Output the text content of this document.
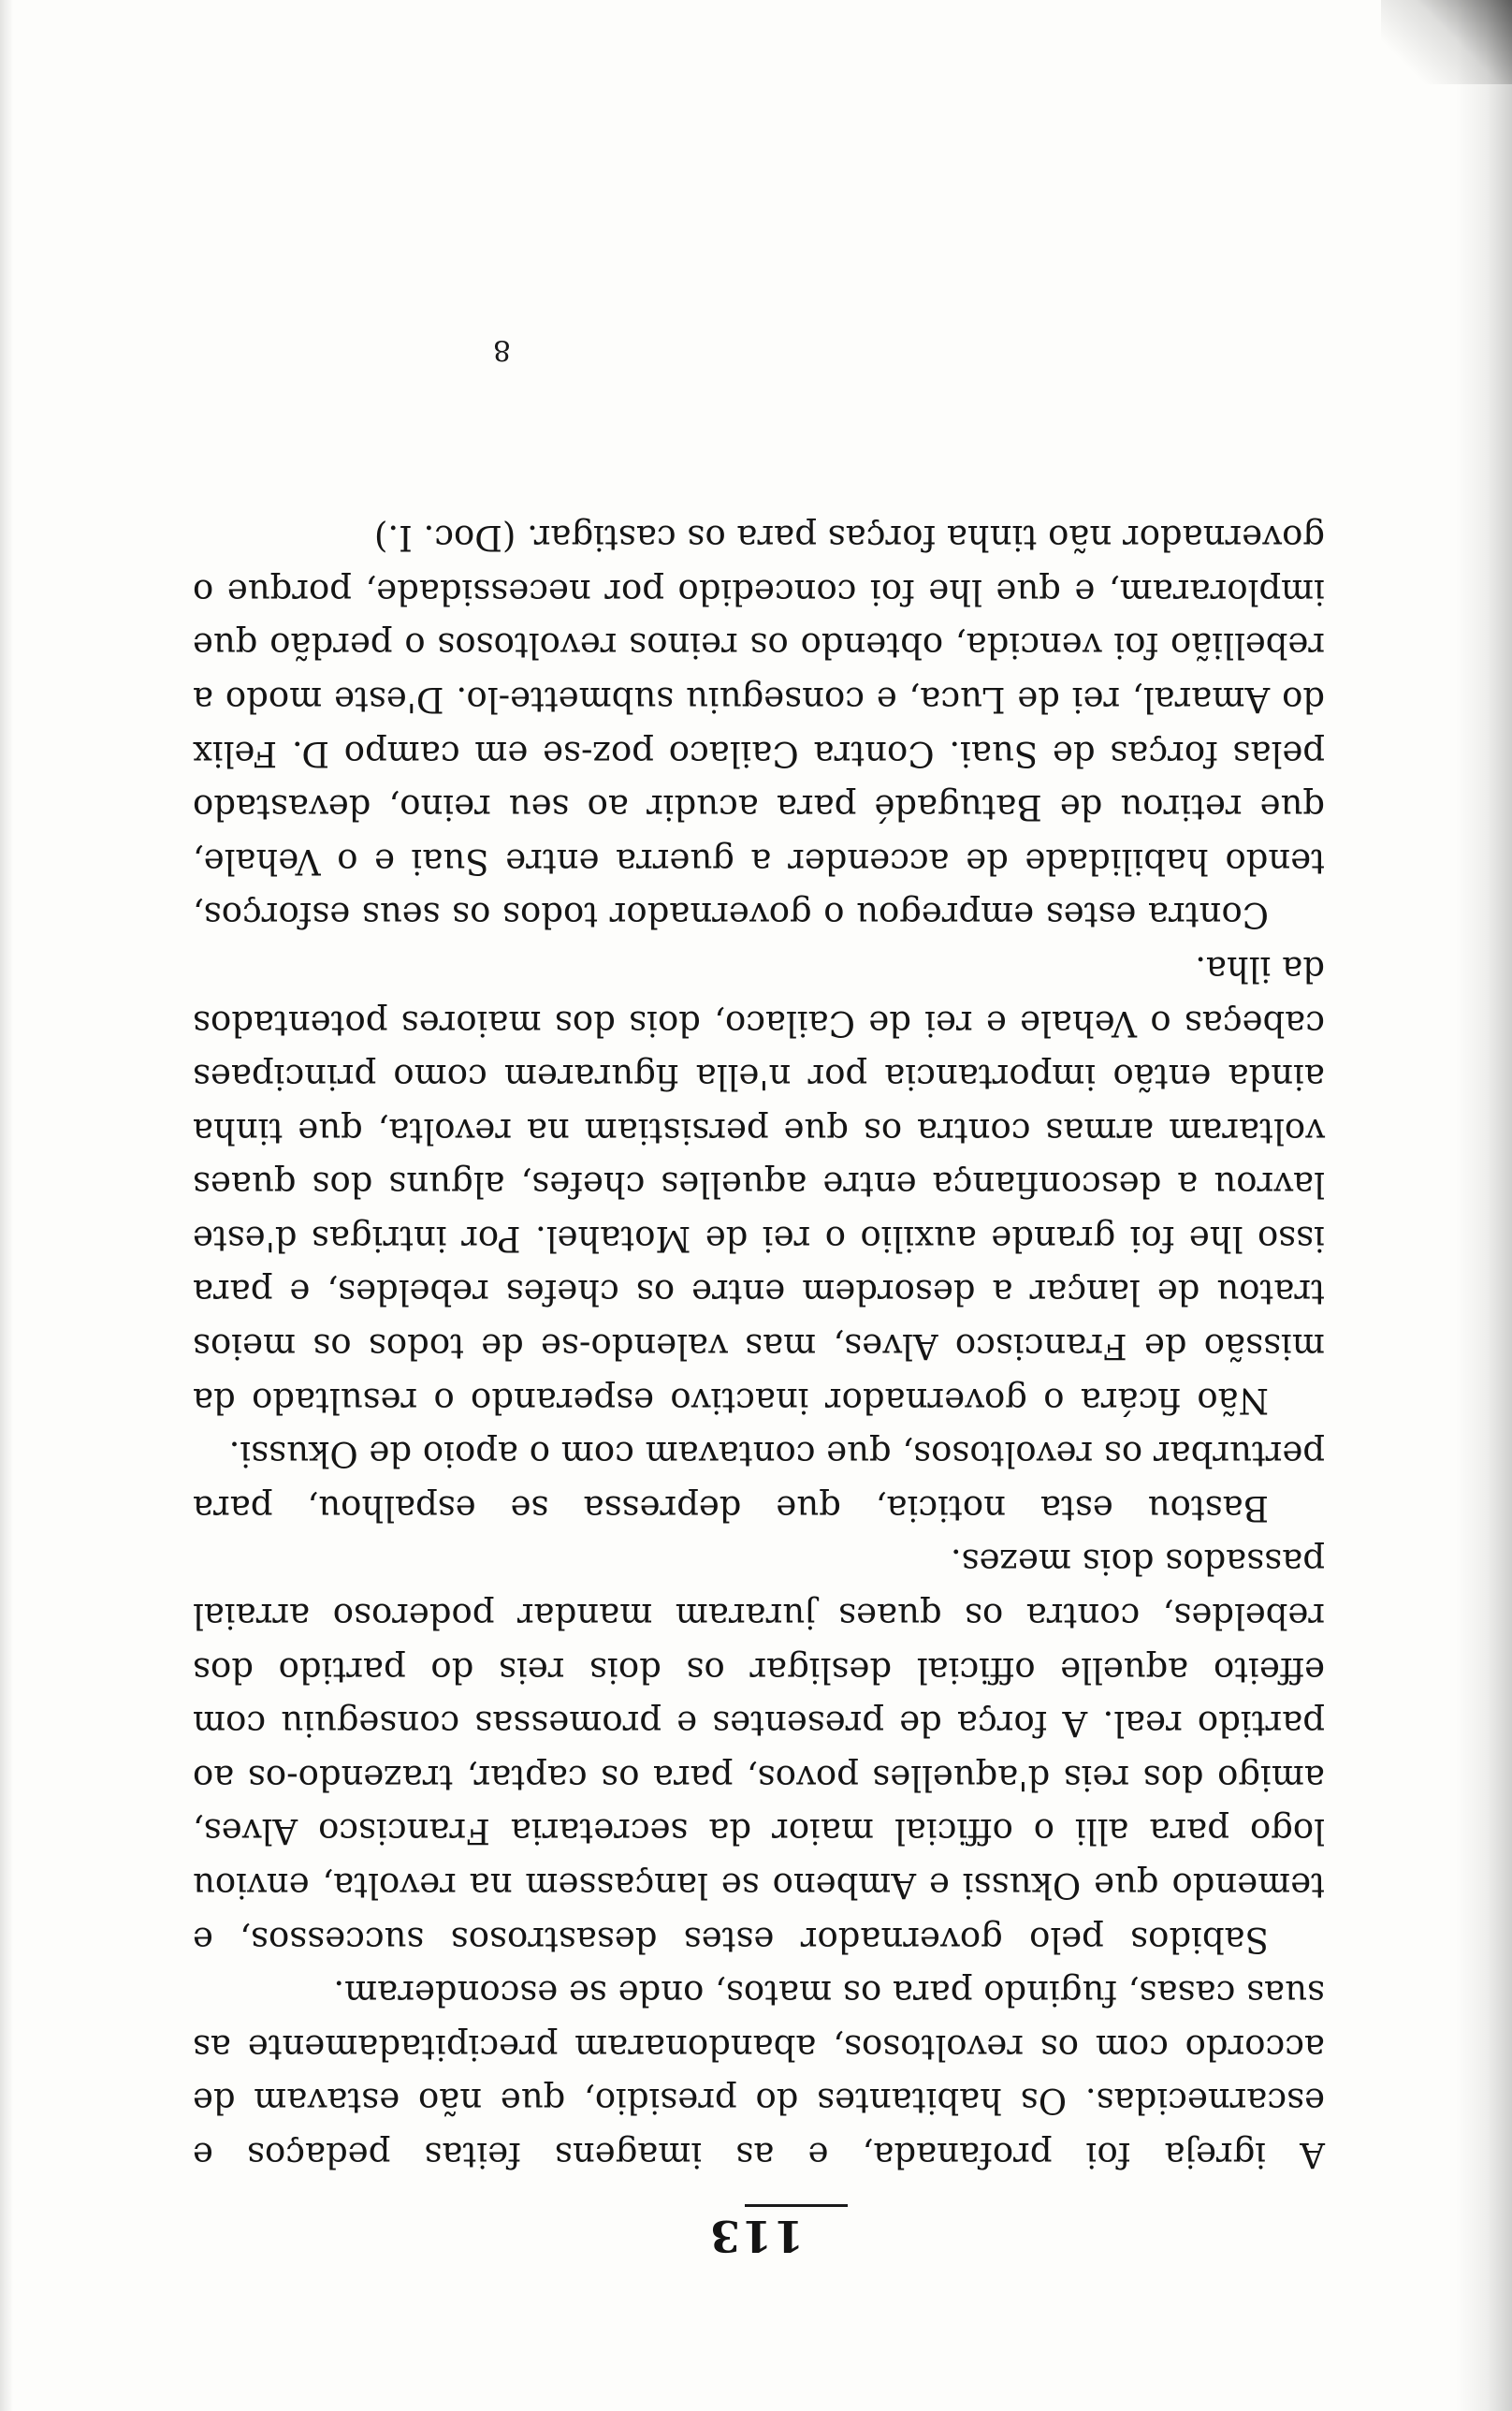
113

A igreja foi profanada, e as imagens feitas pedaços e escarnecidas. Os habitantes do presidio, que não estavam de accordo com os revoltosos, abandonaram precipitadamente as suas casas, fugindo para os matos, onde se esconderam.

Sabidos pelo governador estes desastrosos successos, e temendo que Okussi e Ambeno se lançassem na revolta, enviou logo para alli o official maior da secretaria Francisco Alves, amigo dos reis d'aquelles povos, para os captar, trazendo-os ao partido real. A força de presentes e promessas conseguiu com effeito aquelle official desligar os dois reis do partido dos rebeldes, contra os quaes juraram mandar poderoso arraial passados dois mezes.

Bastou esta noticia, que depressa se espalhou, para perturbar os revoltosos, que contavam com o apoio de Okussi.

Não ficára o governador inactivo esperando o resultado da missão de Francisco Alves, mas valendo-se de todos os meios tratou de lançar a desordem entre os chefes rebeldes, e para isso lhe foi grande auxilio o rei de Motahel. Por intrigas d'este lavrou a desconfiança entre aquelles chefes, alguns dos quaes voltaram armas contra os que persistiam na revolta, que tinha ainda então importancia por n'ella figurarem como principaes cabeças o Vehale e rei de Cailaco, dois dos maiores potentados da ilha.

Contra estes empregou o governador todos os seus esforços, tendo habilidade de accender a guerra entre Suai e o Vehale, que retirou de Batugadé para acudir ao seu reino, devastado pelas forças de Suai. Contra Cailaco poz-se em campo D. Felix do Amaral, rei de Luca, e conseguiu submette-lo. D'este modo a rebellião foi vencida, obtendo os reinos revoltosos o perdão que imploraram, e que lhe foi concedido por necessidade, porque o governador não tinha forças para os castigar. (Doc. I.)

8
